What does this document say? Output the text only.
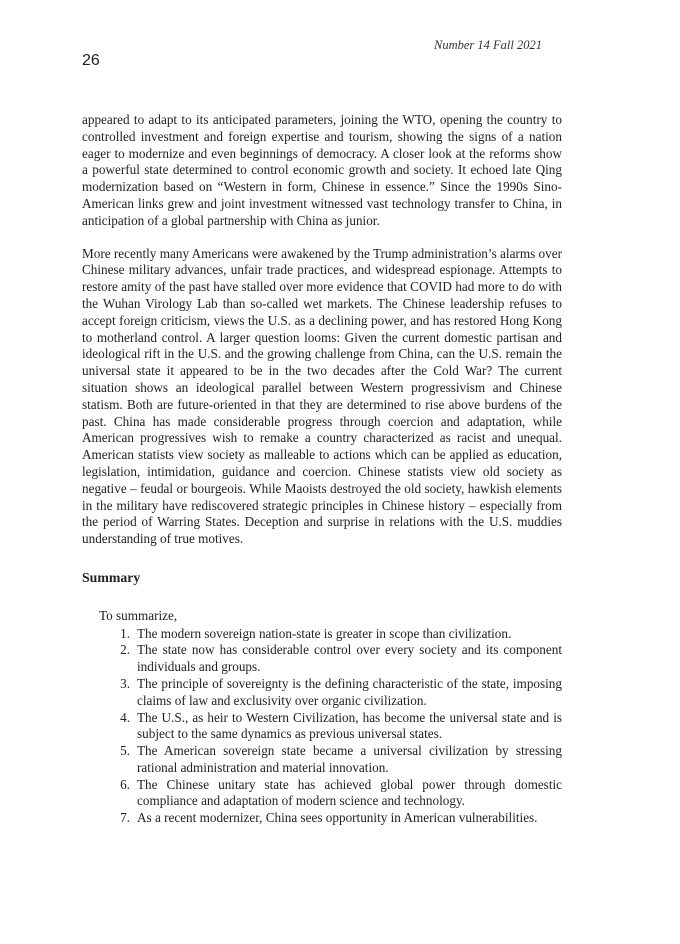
Number 14 Fall 2021
26

appeared to adapt to its anticipated parameters, joining the WTO, opening the country to controlled investment and foreign expertise and tourism, showing the signs of a nation eager to modernize and even beginnings of democracy. A closer look at the reforms show a powerful state determined to control economic growth and society. It echoed late Qing modernization based on “Western in form, Chinese in essence.” Since the 1990s Sino-American links grew and joint investment witnessed vast technology transfer to China, in anticipation of a global partnership with China as junior.

More recently many Americans were awakened by the Trump administration’s alarms over Chinese military advances, unfair trade practices, and widespread espionage. Attempts to restore amity of the past have stalled over more evidence that COVID had more to do with the Wuhan Virology Lab than so-called wet markets. The Chinese leadership refuses to accept foreign criticism, views the U.S. as a declining power, and has restored Hong Kong to motherland control. A larger question looms: Given the current domestic partisan and ideological rift in the U.S. and the growing challenge from China, can the U.S. remain the universal state it appeared to be in the two decades after the Cold War? The current situation shows an ideological parallel between Western progressivism and Chinese statism. Both are future-oriented in that they are determined to rise above burdens of the past. China has made considerable progress through coercion and adaptation, while American progressives wish to remake a country characterized as racist and unequal. American statists view society as malleable to actions which can be applied as education, legislation, intimidation, guidance and coercion. Chinese statists view old society as negative – feudal or bourgeois. While Maoists destroyed the old society, hawkish elements in the military have rediscovered strategic principles in Chinese history – especially from the period of Warring States. Deception and surprise in relations with the U.S. muddies understanding of true motives.

Summary

To summarize,

1. The modern sovereign nation-state is greater in scope than civilization.
2. The state now has considerable control over every society and its component individuals and groups.
3. The principle of sovereignty is the defining characteristic of the state, imposing claims of law and exclusivity over organic civilization.
4. The U.S., as heir to Western Civilization, has become the universal state and is subject to the same dynamics as previous universal states.
5. The American sovereign state became a universal civilization by stressing rational administration and material innovation.
6. The Chinese unitary state has achieved global power through domestic compliance and adaptation of modern science and technology.
7. As a recent modernizer, China sees opportunity in American vulnerabilities.
